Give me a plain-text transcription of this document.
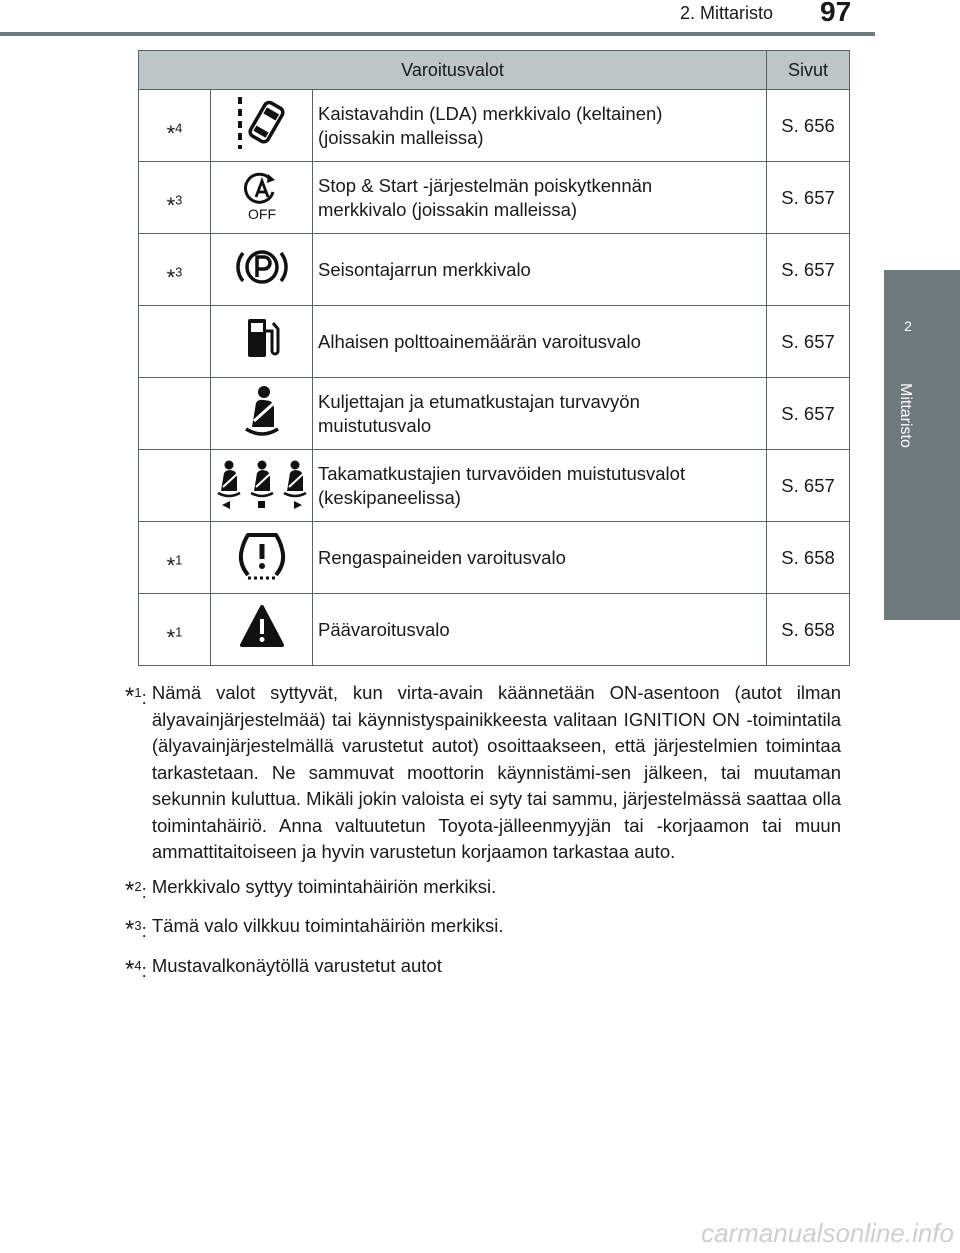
2. Mittaristo 97
2
Mittaristo
Varoitusvalot			Sivut
*$^4$		Kaistavahdin (LDA) merkkivalo (keltainen)
(joissakin malleissa)	S. 656
*$^3$	OFF	Stop & Start -järjestelmän poiskytkennän
merkkivalo (joissakin malleissa)	S. 657
*$^3$		Seisontajarrun merkkivalo	S. 657

Alhaisen polttoainemäärän varoitusvalo	S. 657

Kuljettajan ja etumatkustajan turvavyön
muistutusvalo	S. 657

Takamatkustajien turvavöiden muistutusvalot
(keskipaneelissa)	S. 657
*$^1$		Rengaspaineiden varoitusvalo	S. 658
*$^1$		Päävaroitusvalo	S. 658
*$^1$: Nämä valot syttyvät, kun virta-avain käännetään ON-asentoon (autot ilman älyavainjärjestelmää) tai käynnistyspainikkeesta valitaan IGNITION ON -toimintatila (älyavainjärjestelmällä varustetut autot) osoittaakseen, että järjestelmien toimintaa tarkastetaan. Ne sammuvat moottorin käynnistämi-sen jälkeen, tai muutaman sekunnin kuluttua. Mikäli jokin valoista ei syty tai sammu, järjestelmässä saattaa olla toimintahäiriö. Anna valtuutetun Toyota-jälleenmyyjän tai -korjaamon tai muun ammattitaitoiseen ja hyvin varustetun korjaamon tarkastaa auto.
*$^2$: Merkkivalo syttyy toimintahäiriön merkiksi.
*$^3$: Tämä valo vilkkuu toimintahäiriön merkiksi.
*$^4$: Mustavalkonäytöllä varustetut autot
carmanualsonline.info
